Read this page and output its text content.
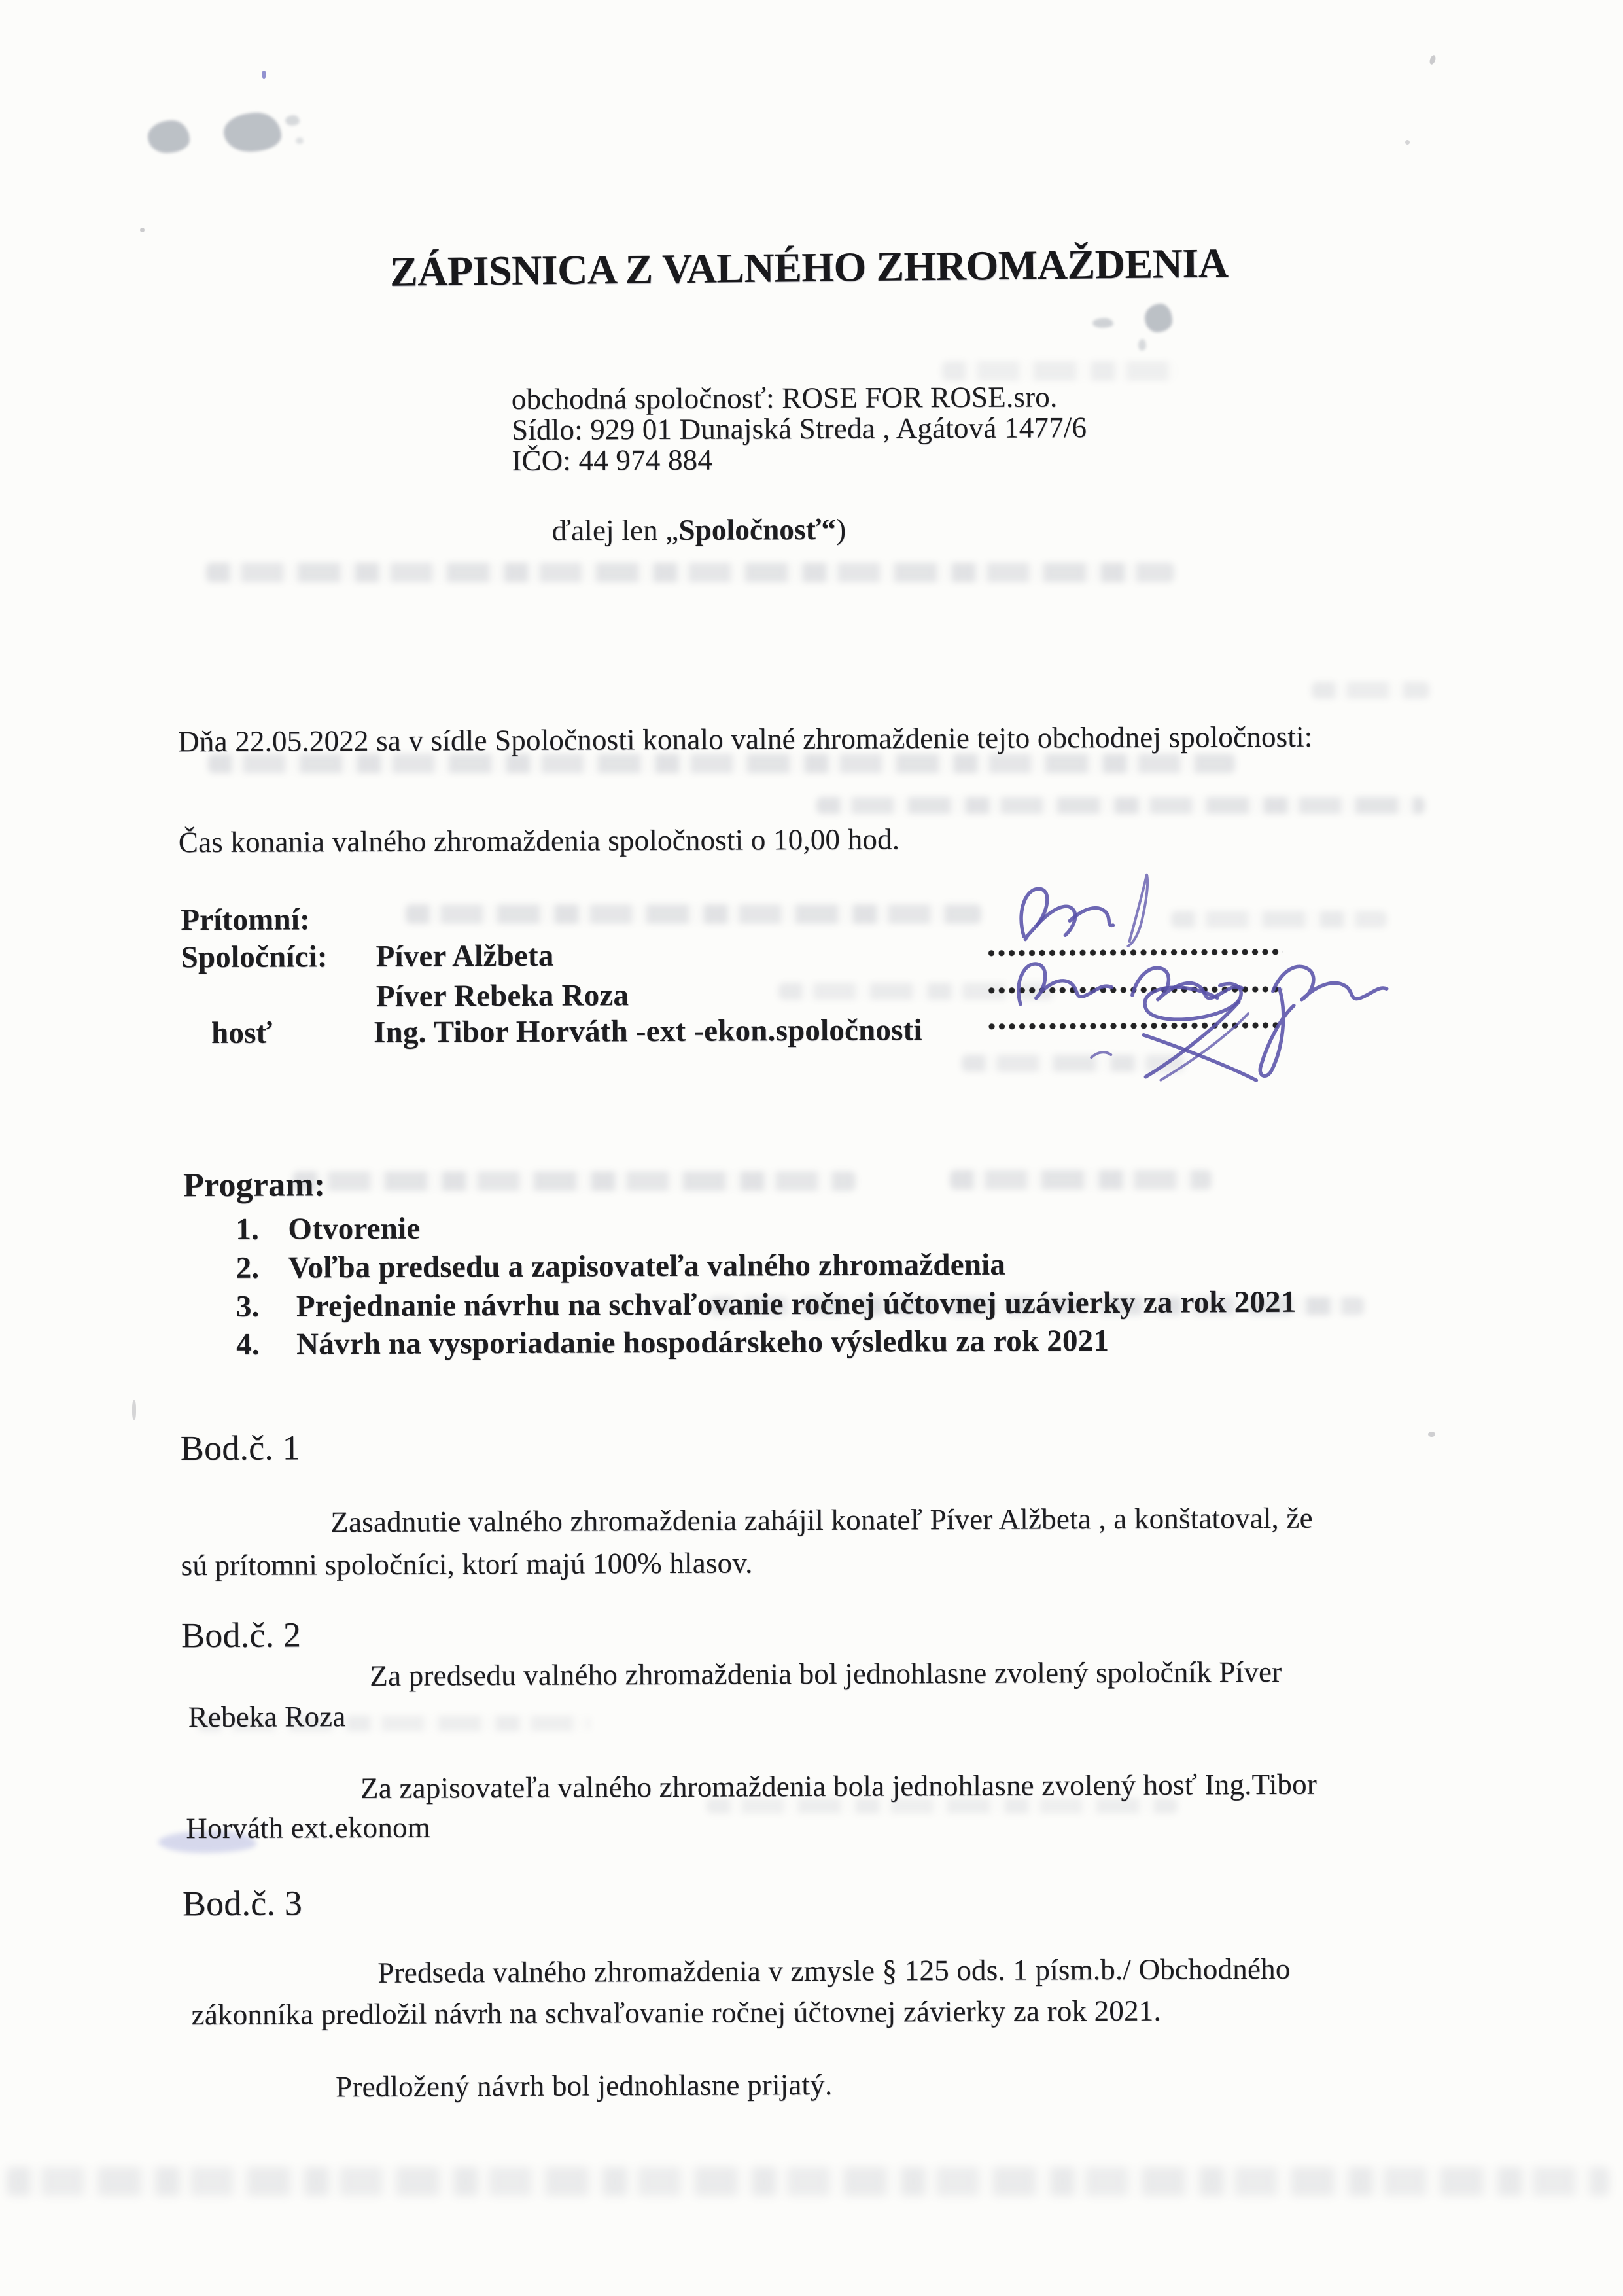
ZÁPISNICA Z VALNÉHO ZHROMAŽDENIA
obchodná spoločnosť: ROSE FOR ROSE.sro.
Sídlo: 929 01 Dunajská Streda , Agátová 1477/6
IČO: 44 974 884
ďalej len „Spoločnosť“)
Dňa 22.05.2022 sa v sídle Spoločnosti konalo valné zhromaždenie tejto obchodnej spoločnosti:
Čas konania valného zhromaždenia spoločnosti o 10,00 hod.
Prítomní:
Spoločníci: Píver Alžbeta
Píver Rebeka Roza
hosť	Ing. Tibor Horváth -ext -ekon.spoločnosti
Program:
1. Otvorenie
2. Voľba predsedu a zapisovateľa valného zhromaždenia
3. Prejednanie návrhu na schvaľovanie ročnej účtovnej uzávierky za rok 2021
4. Návrh na vysporiadanie hospodárskeho výsledku za rok 2021
Bod.č. 1
Zasadnutie valného zhromaždenia zahájil konateľ Píver Alžbeta , a konštatoval, že
sú prítomni spoločníci, ktorí majú 100% hlasov.
Bod.č. 2
Za predsedu valného zhromaždenia bol jednohlasne zvolený spoločník Píver
Rebeka Roza
Za zapisovateľa valného zhromaždenia bola jednohlasne zvolený hosť Ing.Tibor
Horváth ext.ekonom
Bod.č. 3
Predseda valného zhromaždenia v zmysle § 125 ods. 1 písm.b./ Obchodného
zákonníka predložil návrh na schvaľovanie ročnej účtovnej závierky za rok 2021.
Predložený návrh bol jednohlasne prijatý.
